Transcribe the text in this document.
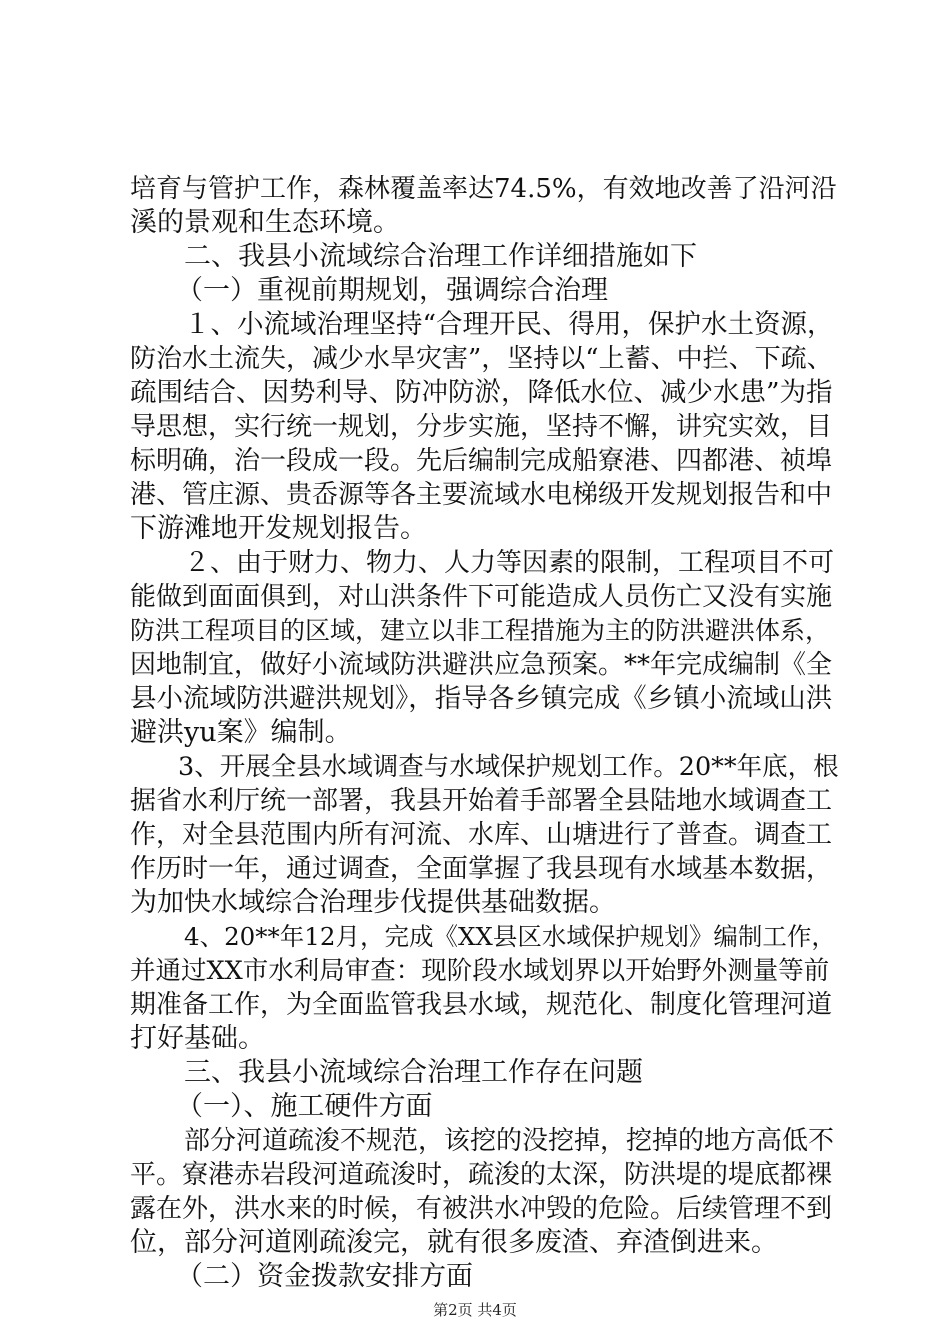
培育与管护工作，森林覆盖率达74.5%，有效地改善了沿河沿
溪的景观和生态环境。
二、我县小流域综合治理工作详细措施如下
（一）重视前期规划，强调综合治理
１、小流域治理坚持“合理开民、得用，保护水土资源，
防治水土流失，减少水旱灾害”，坚持以“上蓄、中拦、下疏、
疏围结合、因势利导、防冲防淤，降低水位、减少水患”为指
导思想，实行统一规划，分步实施，坚持不懈，讲究实效，目
标明确，治一段成一段。先后编制完成船寮港、四都港、祯埠
港、管庄源、贵岙源等各主要流域水电梯级开发规划报告和中
下游滩地开发规划报告。
２、由于财力、物力、人力等因素的限制，工程项目不可
能做到面面俱到，对山洪条件下可能造成人员伤亡又没有实施
防洪工程项目的区域，建立以非工程措施为主的防洪避洪体系，
因地制宜，做好小流域防洪避洪应急预案。**年完成编制《全
县小流域防洪避洪规划》，指导各乡镇完成《乡镇小流域山洪
避洪yu案》编制。
3、开展全县水域调查与水域保护规划工作。20**年底，根
据省水利厅统一部署，我县开始着手部署全县陆地水域调查工
作，对全县范围内所有河流、水库、山塘进行了普查。调查工
作历时一年，通过调查，全面掌握了我县现有水域基本数据，
为加快水域综合治理步伐提供基础数据。
4、20**年12月，完成《XX县区水域保护规划》编制工作，
并通过XX市水利局审查：现阶段水域划界以开始野外测量等前
期准备工作，为全面监管我县水域，规范化、制度化管理河道
打好基础。
三、我县小流域综合治理工作存在问题
（一）、施工硬件方面
部分河道疏浚不规范，该挖的没挖掉，挖掉的地方高低不
平。寮港赤岩段河道疏浚时，疏浚的太深，防洪堤的堤底都裸
露在外，洪水来的时候，有被洪水冲毁的危险。后续管理不到
位，部分河道刚疏浚完，就有很多废渣、弃渣倒进来。
（二）资金拨款安排方面
第2页 共4页
